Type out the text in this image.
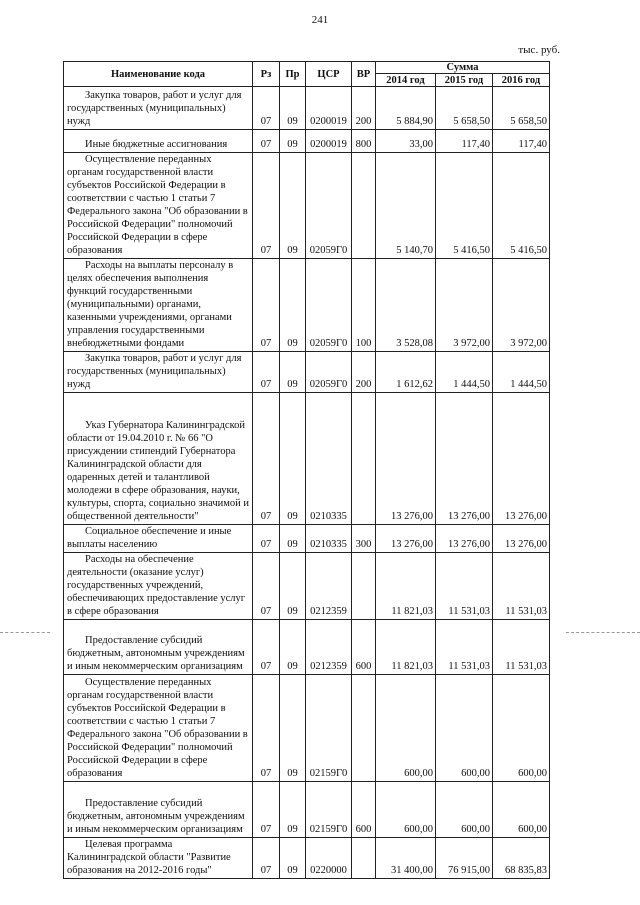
241
тыс. руб.
Наименование кода	Рз	Пр	ЦСР	ВР	Сумма		
					2014 год	2015 год	2016 год
Закупка товаров, работ и услуг для государственных (муниципальных) нужд	07	09	0200019	200	5 884,90	5 658,50	5 658,50
Иные бюджетные ассигнования	07	09	0200019	800	33,00	117,40	117,40
Осуществление переданных органам государственной власти субъектов Российской Федерации в соответствии с частью 1 статьи 7 Федерального закона "Об образовании в Российской Федерации" полномочий Российской Федерации в сфере образования	07	09	02059Г0		5 140,70	5 416,50	5 416,50
Расходы на выплаты персоналу в целях обеспечения выполнения функций государственными (муниципальными) органами, казенными учреждениями, органами управления государственными внебюджетными фондами	07	09	02059Г0	100	3 528,08	3 972,00	3 972,00
Закупка товаров, работ и услуг для государственных (муниципальных) нужд	07	09	02059Г0	200	1 612,62	1 444,50	1 444,50
Указ Губернатора Калининградской области от 19.04.2010 г. № 66 "О присуждении стипендий Губернатора Калининградской области для одаренных детей и талантливой молодежи в сфере образования, науки, культуры, спорта, социально значимой и общественной деятельности"	07	09	0210335		13 276,00	13 276,00	13 276,00
Социальное обеспечение и иные выплаты населению	07	09	0210335	300	13 276,00	13 276,00	13 276,00
Расходы на обеспечение деятельности (оказание услуг) государственных учреждений, обеспечивающих предоставление услуг в сфере образования	07	09	0212359		11 821,03	11 531,03	11 531,03
Предоставление субсидий бюджетным, автономным учреждениям и иным некоммерческим организациям	07	09	0212359	600	11 821,03	11 531,03	11 531,03
Осуществление переданных органам государственной власти субъектов Российской Федерации в соответствии с частью 1 статьи 7 Федерального закона "Об образовании в Российской Федерации" полномочий Российской Федерации в сфере образования	07	09	02159Г0		600,00	600,00	600,00
Предоставление субсидий бюджетным, автономным учреждениям и иным некоммерческим организациям	07	09	02159Г0	600	600,00	600,00	600,00
Целевая программа Калининградской области "Развитие образования на 2012-2016 годы"	07	09	0220000		31 400,00	76 915,00	68 835,83
